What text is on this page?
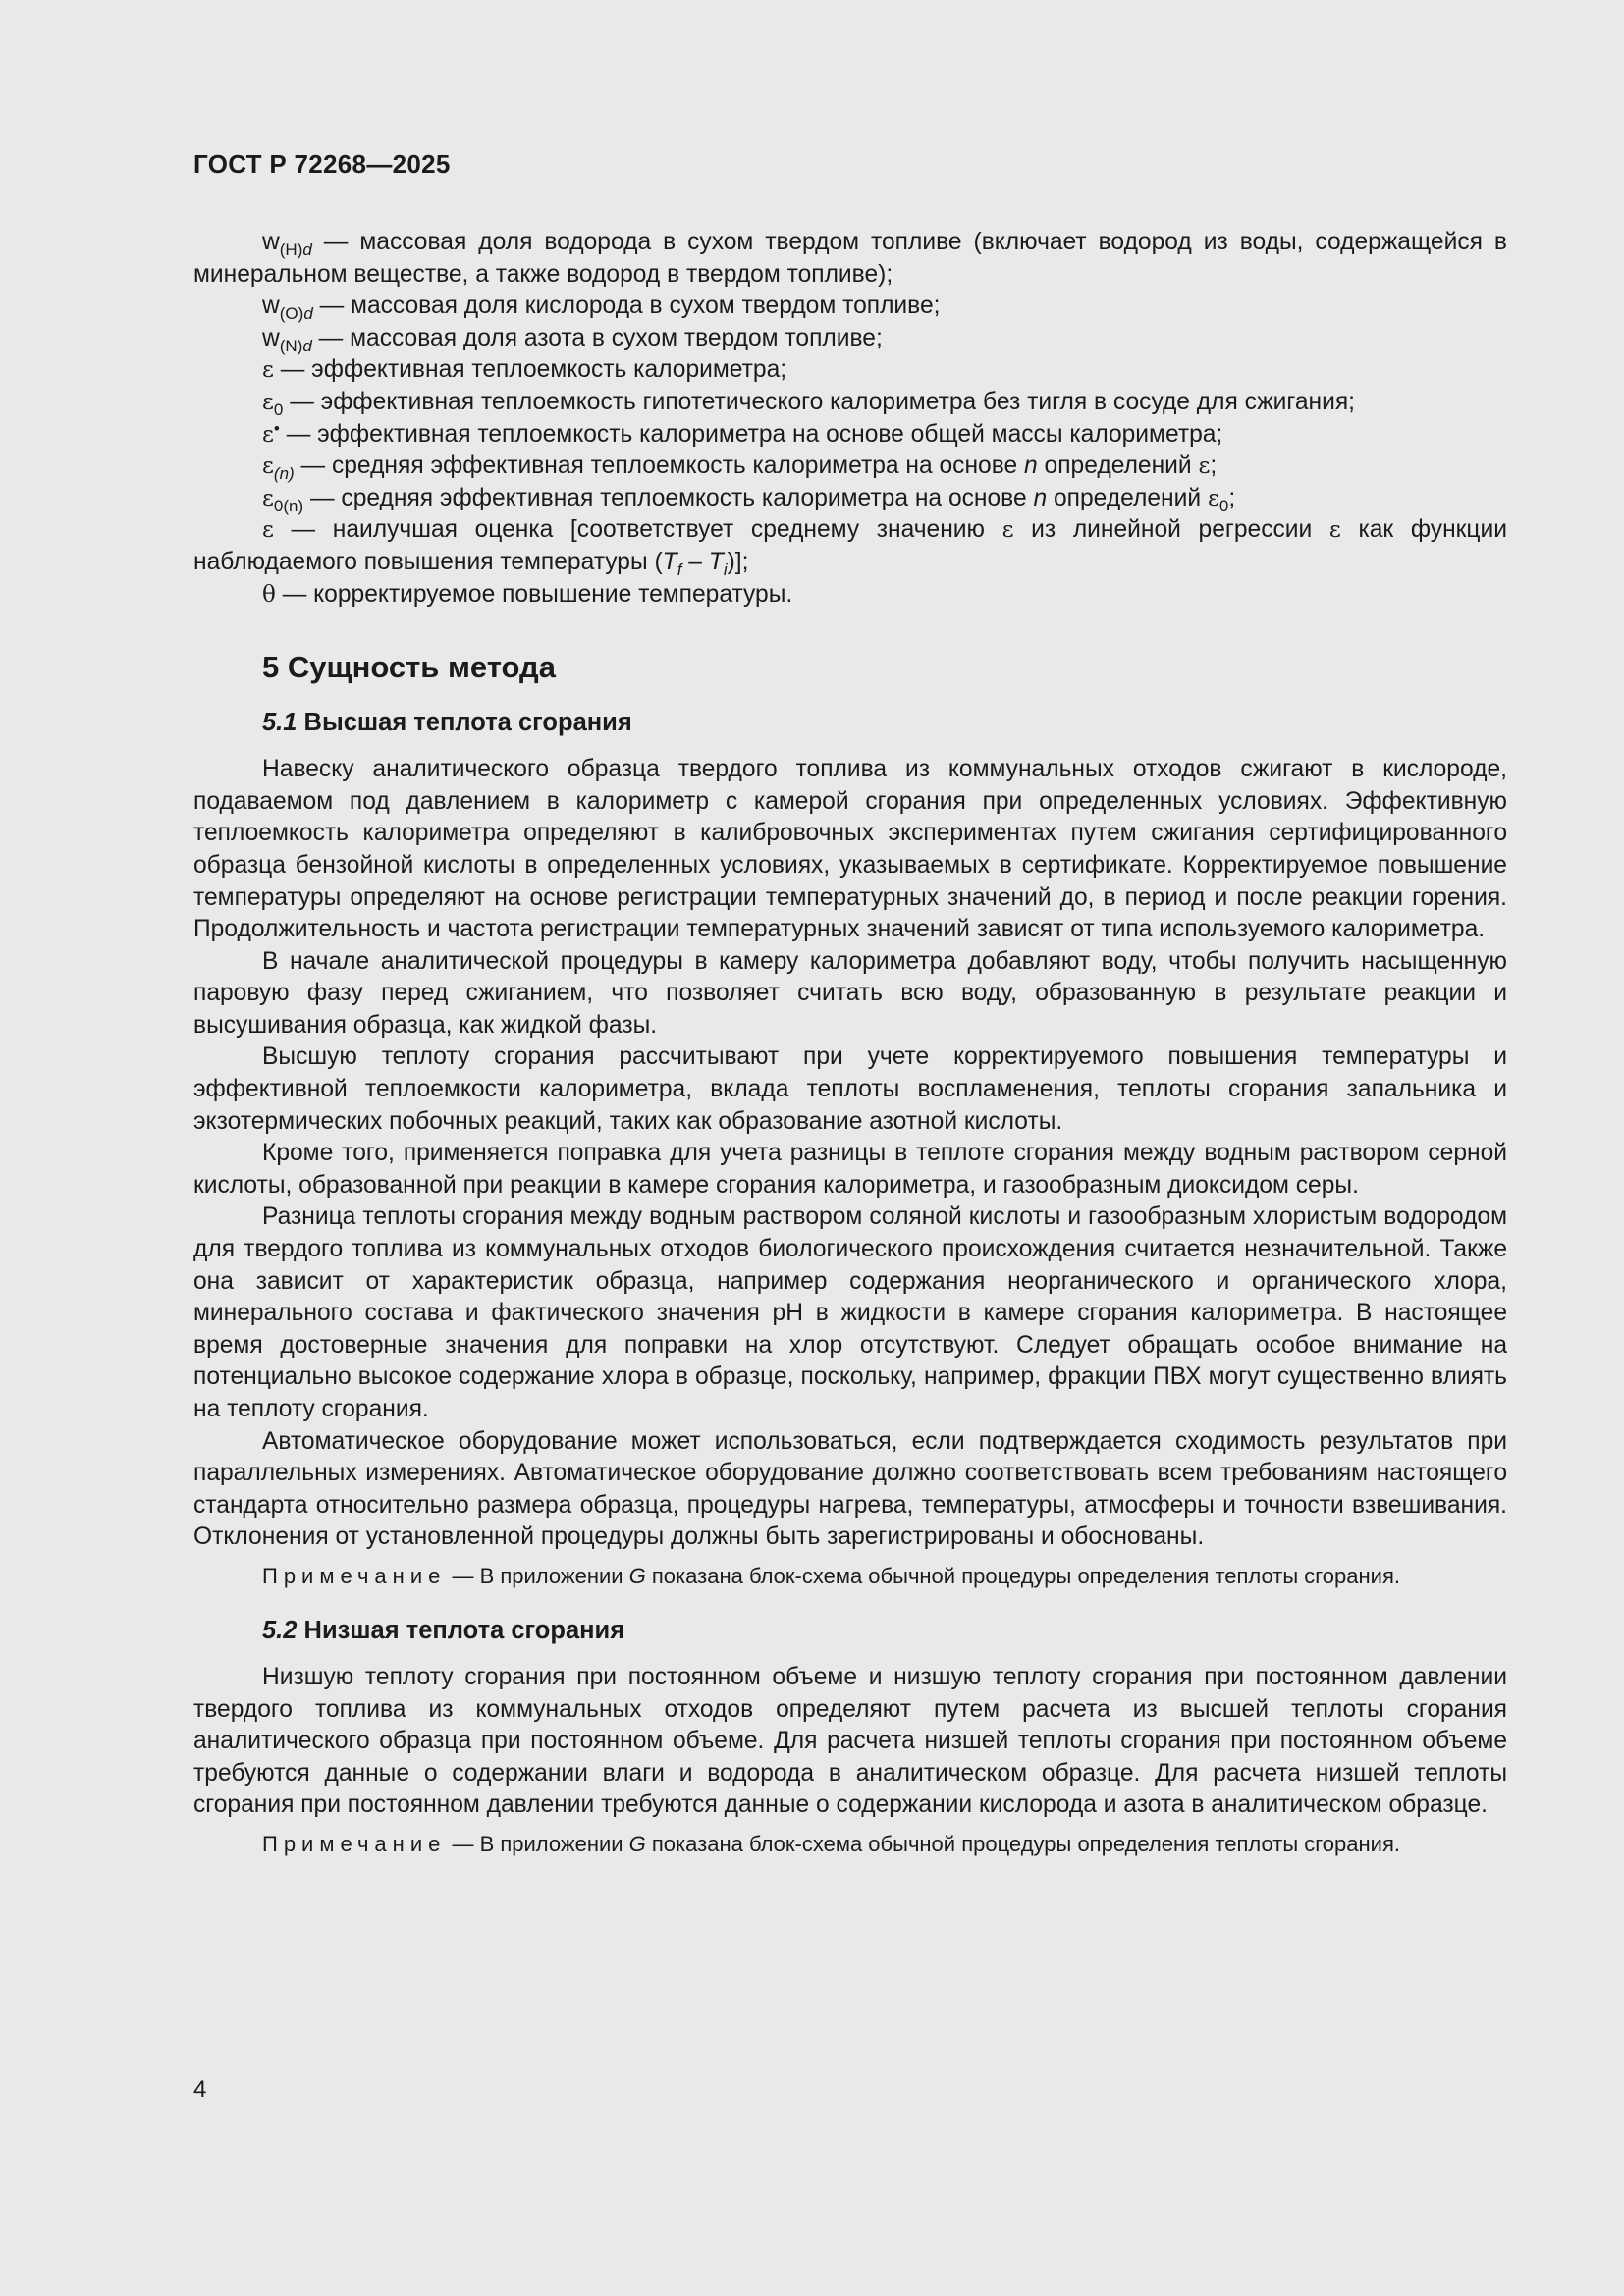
ГОСТ Р 72268—2025
$w_{(H)d}$ — массовая доля водорода в сухом твердом топливе (включает водород из воды, содержащейся в минеральном веществе, а также водород в твердом топливе);
$w_{(O)d}$ — массовая доля кислорода в сухом твердом топливе;
$w_{(N)d}$ — массовая доля азота в сухом твердом топливе;
ε — эффективная теплоемкость калориметра;
$\varepsilon_0$ — эффективная теплоемкость гипотетического калориметра без тигля в сосуде для сжигания;
ε• — эффективная теплоемкость калориметра на основе общей массы калориметра;
$\varepsilon_{(n)}$ — средняя эффективная теплоемкость калориметра на основе n определений ε;
$\varepsilon_{0(n)}$ — средняя эффективная теплоемкость калориметра на основе n определений $\varepsilon_0$;
ε — наилучшая оценка [соответствует среднему значению ε из линейной регрессии ε как функции наблюдаемого повышения температуры $(T_f - T_i)$];
θ — корректируемое повышение температуры.
5 Сущность метода
5.1 Высшая теплота сгорания

Навеску аналитического образца твердого топлива из коммунальных отходов сжигают в кислороде, подаваемом под давлением в калориметр с камерой сгорания при определенных условиях. Эффективную теплоемкость калориметра определяют в калибровочных экспериментах путем сжигания сертифицированного образца бензойной кислоты в определенных условиях, указываемых в сертификате. Корректируемое повышение температуры определяют на основе регистрации температурных значений до, в период и после реакции горения. Продолжительность и частота регистрации температурных значений зависят от типа используемого калориметра.

В начале аналитической процедуры в камеру калориметра добавляют воду, чтобы получить насыщенную паровую фазу перед сжиганием, что позволяет считать всю воду, образованную в результате реакции и высушивания образца, как жидкой фазы.

Высшую теплоту сгорания рассчитывают при учете корректируемого повышения температуры и эффективной теплоемкости калориметра, вклада теплоты воспламенения, теплоты сгорания запальника и экзотермических побочных реакций, таких как образование азотной кислоты.

Кроме того, применяется поправка для учета разницы в теплоте сгорания между водным раствором серной кислоты, образованной при реакции в камере сгорания калориметра, и газообразным диоксидом серы.

Разница теплоты сгорания между водным раствором соляной кислоты и газообразным хлористым водородом для твердого топлива из коммунальных отходов биологического происхождения считается незначительной. Также она зависит от характеристик образца, например содержания неорганического и органического хлора, минерального состава и фактического значения pH в жидкости в камере сгорания калориметра. В настоящее время достоверные значения для поправки на хлор отсутствуют. Следует обращать особое внимание на потенциально высокое содержание хлора в образце, поскольку, например, фракции ПВХ могут существенно влиять на теплоту сгорания.

Автоматическое оборудование может использоваться, если подтверждается сходимость результатов при параллельных измерениях. Автоматическое оборудование должно соответствовать всем требованиям настоящего стандарта относительно размера образца, процедуры нагрева, температуры, атмосферы и точности взвешивания. Отклонения от установленной процедуры должны быть зарегистрированы и обоснованы.

Примечание — В приложении G показана блок-схема обычной процедуры определения теплоты сгорания.
5.2 Низшая теплота сгорания

Низшую теплоту сгорания при постоянном объеме и низшую теплоту сгорания при постоянном давлении твердого топлива из коммунальных отходов определяют путем расчета из высшей теплоты сгорания аналитического образца при постоянном объеме. Для расчета низшей теплоты сгорания при постоянном объеме требуются данные о содержании влаги и водорода в аналитическом образце. Для расчета низшей теплоты сгорания при постоянном давлении требуются данные о содержании кислорода и азота в аналитическом образце.

Примечание — В приложении G показана блок-схема обычной процедуры определения теплоты сгорания.
4
